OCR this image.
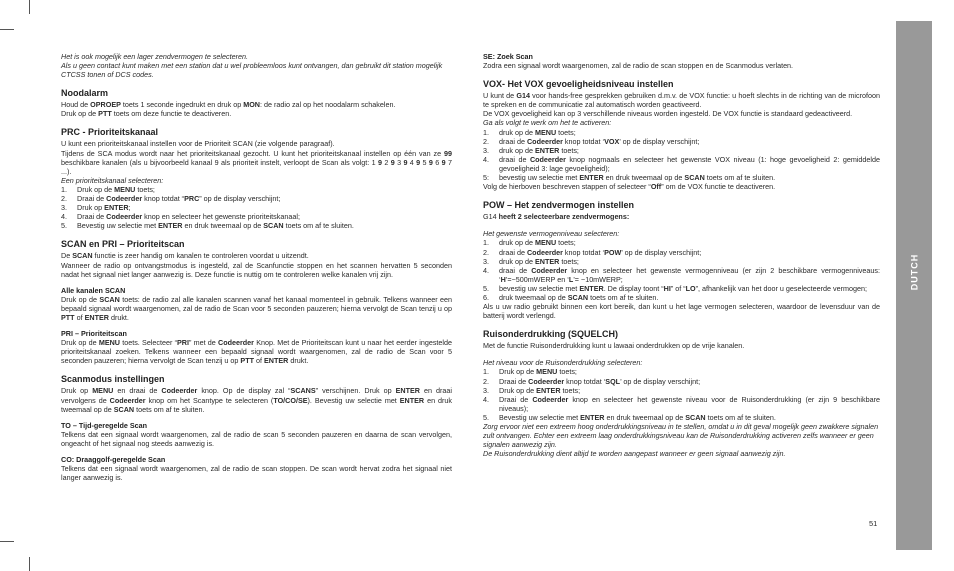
Het is ook mogelijk een lager zendvermogen te selecteren.

Als u geen contact kunt maken met een station dat u wel probleemloos kunt ontvangen, dan gebruikt dit station mogelijk CTCSS tonen of DCS codes.

Noodalarm

Houd de OPROEP toets 1 seconde ingedrukt en druk op MON: de radio zal op het noodalarm schakelen.

Druk op de PTT toets om deze functie te deactiveren.

PRC - Prioriteitskanaal

U kunt een prioriteitskanaal instellen voor de Prioriteit SCAN (zie volgende paragraaf).

Tijdens de SCA modus wordt naar het prioriteitskanaal gezocht. U kunt het prioriteitskanaal instellen op één van ze 99 beschikbare kanalen (als u bijvoorbeeld kanaal 9 als prioriteit instelt, verloopt de Scan als volgt: 1 9 2 9 3 9 4 9 5 9 6 9 7 ...).

Een prioriteitskanaal selecteren:

1.	Druk op de MENU toets;
2.	Draai de Codeerder knop totdat “PRC” op de display verschijnt;
3.	Druk op ENTER;
4.	Draai de Codeerder knop en selecteer het gewenste prioriteitskanaal;
5.	Bevestig uw selectie met ENTER en druk tweemaal op de SCAN toets om af te sluiten.
SCAN en PRI – Prioriteitscan

De SCAN functie is zeer handig om kanalen te controleren voordat u uitzendt.

Wanneer de radio op ontvangstmodus is ingesteld, zal de Scanfunctie stoppen en het scannen hervatten 5 seconden nadat het signaal niet langer aanwezig is. Deze functie is nuttig om te controleren welke kanalen vrij zijn.

Alle kanalen SCAN

Druk op de SCAN toets: de radio zal alle kanalen scannen vanaf het kanaal momenteel in gebruik. Telkens wanneer een bepaald signaal wordt waargenomen, zal de radio de Scan voor 5 seconden pauzeren; hierna vervolgt de Scan tenzij u op PTT of ENTER drukt.

PRI – Prioriteitscan

Druk op de MENU toets. Selecteer “PRI” met de Codeerder Knop. Met de Prioriteitscan kunt u naar het eerder ingestelde prioriteitskanaal zoeken. Telkens wanneer een bepaald signaal wordt waargenomen, zal de radio de Scan voor 5 seconden pauzeren; hierna vervolgt de Scan tenzij u op PTT of ENTER drukt.

Scanmodus instellingen

Druk op MENU en draai de Codeerder knop. Op de display zal “SCANS” verschijnen. Druk op ENTER en draai vervolgens de Codeerder knop om het Scantype te selecteren (TO/CO/SE). Bevestig uw selectie met ENTER en druk tweemaal op de SCAN toets om af te sluiten.

TO – Tijd-geregelde Scan

Telkens dat een signaal wordt waargenomen, zal de radio de scan 5 seconden pauzeren en daarna de scan vervolgen, ongeacht of het signaal nog steeds aanwezig is.

CO: Draaggolf-geregelde Scan

Telkens dat een signaal wordt waargenomen, zal de radio de scan stoppen. De scan wordt hervat zodra het signaal niet langer aanwezig is.

SE: Zoek Scan

Zodra een signaal wordt waargenomen, zal de radio de scan stoppen en de Scanmodus verlaten.

VOX- Het VOX gevoeligheidsniveau instellen

U kunt de G14 voor hands-free gesprekken gebruiken d.m.v. de VOX functie: u hoeft slechts in de richting van de microfoon te spreken en de communicatie zal automatisch worden geactiveerd.

De VOX gevoeligheid kan op 3 verschillende niveaus worden ingesteld. De VOX functie is standaard gedeactiveerd.

Ga als volgt te werk om het te activeren:

1.	druk op de MENU toets;
2.	draai de Codeerder knop totdat ‘VOX’ op de display verschijnt;
3.	druk op de ENTER toets;
4.	draai de Codeerder knop nogmaals en selecteer het gewenste VOX niveau (1: hoge gevoeligheid 2: gemiddelde gevoeligheid 3: lage gevoeligheid);
5:	bevestig uw selectie met ENTER en druk tweemaal op de SCAN toets om af te sluiten.

Volg de hierboven beschreven stappen of selecteer “Off” om de VOX functie te deactiveren.

POW – Het zendvermogen instellen

G14 heeft 2 selecteerbare zendvermogens:

Het gewenste vermogenniveau selecteren:

1.	druk op de MENU toets;
2.	draai de Codeerder knop totdat ‘POW’ op de display verschijnt;
3.	druk op de ENTER toets;
4.	draai de Codeerder knop en selecteer het gewenste vermogenniveau (er zijn 2 beschikbare vermogenniveaus: ‘H’=~500mWERP en ‘L’= ~10mWERP;
5.	bevestig uw selectie met ENTER. De display toont “HI” of “LO”, afhankelijk van het door u geselecteerde vermogen;
6.	druk tweemaal op de SCAN toets om af te sluiten.

Als u uw radio gebruikt binnen een kort bereik, dan kunt u het lage vermogen selecteren, waardoor de levensduur van de batterij wordt verlengd.

Ruisonderdrukking (SQUELCH)

Met de functie Ruisonderdrukking kunt u lawaai onderdrukken op de vrije kanalen.

Het niveau voor de Ruisonderdrukking selecteren:

1.	Druk op de MENU toets;
2.	Draai de Codeerder knop totdat ‘SQL’ op de display verschijnt;
3.	Druk op de ENTER toets;
4.	Draai de Codeerder knop en selecteer het gewenste niveau voor de Ruisonderdrukking (er zijn 9 beschikbare niveaus);
5.	Bevestig uw selectie met ENTER en druk tweemaal op de SCAN toets om af te sluiten.

Zorg ervoor niet een extreem hoog onderdrukkingsniveau in te stellen, omdat u in dit geval mogelijk geen zwakkere signalen zult ontvangen. Echter een extreem laag onderdrukkingsniveau kan de Ruisonderdrukking activeren zelfs wanneer er geen signalen aanwezig zijn.

De Ruisonderdrukking dient altijd te worden aangepast wanneer er geen signaal aanwezig zijn.

DUTCH
51
